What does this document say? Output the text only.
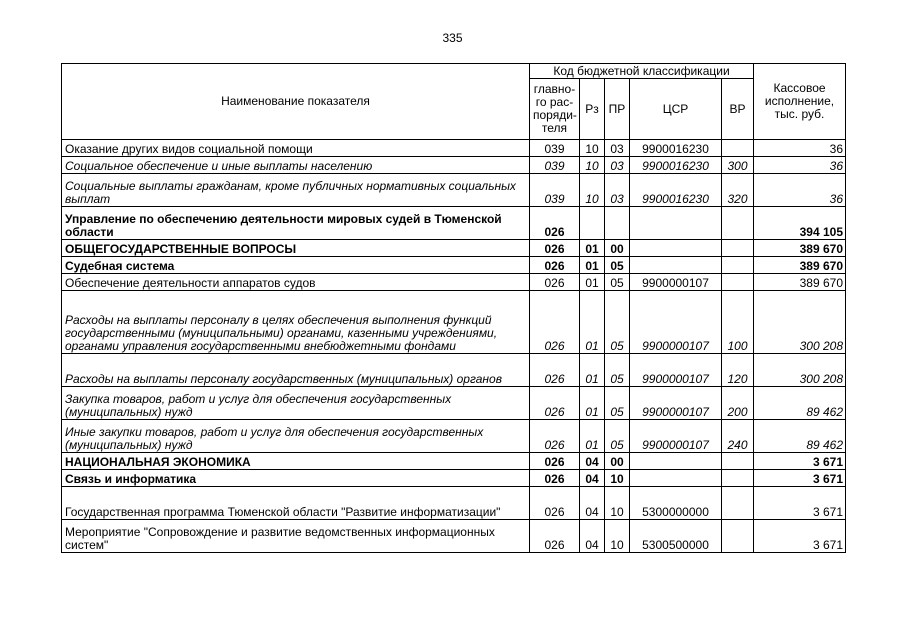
335
Наименование показателя	Код бюджетной классификации					Кассовое исполнение, тыс. руб.
	главно-го рас-поряди-теля	Рз	ПР	ЦСР	ВР	
Оказание других видов социальной помощи	039	10	03	9900016230		36
Социальное обеспечение и иные выплаты населению	039	10	03	9900016230	300	36
Социальные выплаты гражданам, кроме публичных нормативных социальных выплат	039	10	03	9900016230	320	36
Управление по обеспечению деятельности мировых судей в Тюменской области	026					394 105
ОБЩЕГОСУДАРСТВЕННЫЕ ВОПРОСЫ	026	01	00			389 670
Судебная система	026	01	05			389 670
Обеспечение деятельности аппаратов судов	026	01	05	9900000107		389 670
Расходы на выплаты персоналу в целях обеспечения выполнения функций государственными (муниципальными) органами, казенными учреждениями, органами управления государственными внебюджетными фондами	026	01	05	9900000107	100	300 208
Расходы на выплаты персоналу государственных (муниципальных) органов	026	01	05	9900000107	120	300 208
Закупка товаров, работ и услуг для обеспечения государственных (муниципальных) нужд	026	01	05	9900000107	200	89 462
Иные закупки товаров, работ и услуг для обеспечения государственных (муниципальных) нужд	026	01	05	9900000107	240	89 462
НАЦИОНАЛЬНАЯ ЭКОНОМИКА	026	04	00			3 671
Связь и информатика	026	04	10			3 671
Государственная программа Тюменской области "Развитие информатизации"	026	04	10	5300000000		3 671
Мероприятие "Сопровождение и развитие ведомственных информационных систем"	026	04	10	5300500000		3 671
